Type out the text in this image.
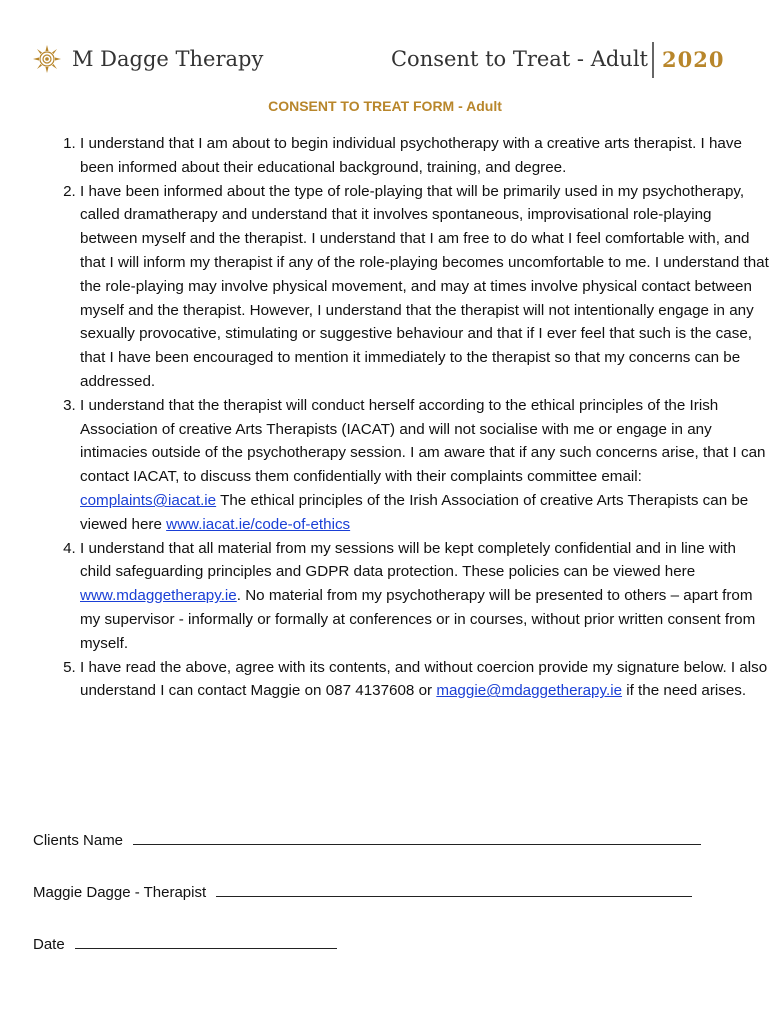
M Dagge Therapy	Consent to Treat - Adult 2020
CONSENT TO TREAT FORM - Adult
1. I understand that I am about to begin individual psychotherapy with a creative arts therapist. I have been informed about their educational background, training, and degree.
2. I have been informed about the type of role-playing that will be primarily used in my psychotherapy, called dramatherapy and understand that it involves spontaneous, improvisational role-playing between myself and the therapist. I understand that I am free to do what I feel comfortable with, and that I will inform my therapist if any of the role-playing becomes uncomfortable to me. I understand that the role-playing may involve physical movement, and may at times involve physical contact between myself and the therapist. However, I understand that the therapist will not intentionally engage in any sexually provocative, stimulating or suggestive behaviour and that if I ever feel that such is the case, that I have been encouraged to mention it immediately to the therapist so that my concerns can be addressed.
3. I understand that the therapist will conduct herself according to the ethical principles of the Irish Association of creative Arts Therapists (IACAT) and will not socialise with me or engage in any intimacies outside of the psychotherapy session. I am aware that if any such concerns arise, that I can contact IACAT, to discuss them confidentially with their complaints committee email: complaints@iacat.ie The ethical principles of the Irish Association of creative Arts Therapists can be viewed here www.iacat.ie/code-of-ethics
4. I understand that all material from my sessions will be kept completely confidential and in line with child safeguarding principles and GDPR data protection. These policies can be viewed here www.mdaggetherapy.ie. No material from my psychotherapy will be presented to others – apart from my supervisor - informally or formally at conferences or in courses, without prior written consent from myself.
5. I have read the above, agree with its contents, and without coercion provide my signature below. I also understand I can contact Maggie on 087 4137608 or maggie@mdaggetherapy.ie if the need arises.
Clients Name
Maggie Dagge - Therapist
Date
